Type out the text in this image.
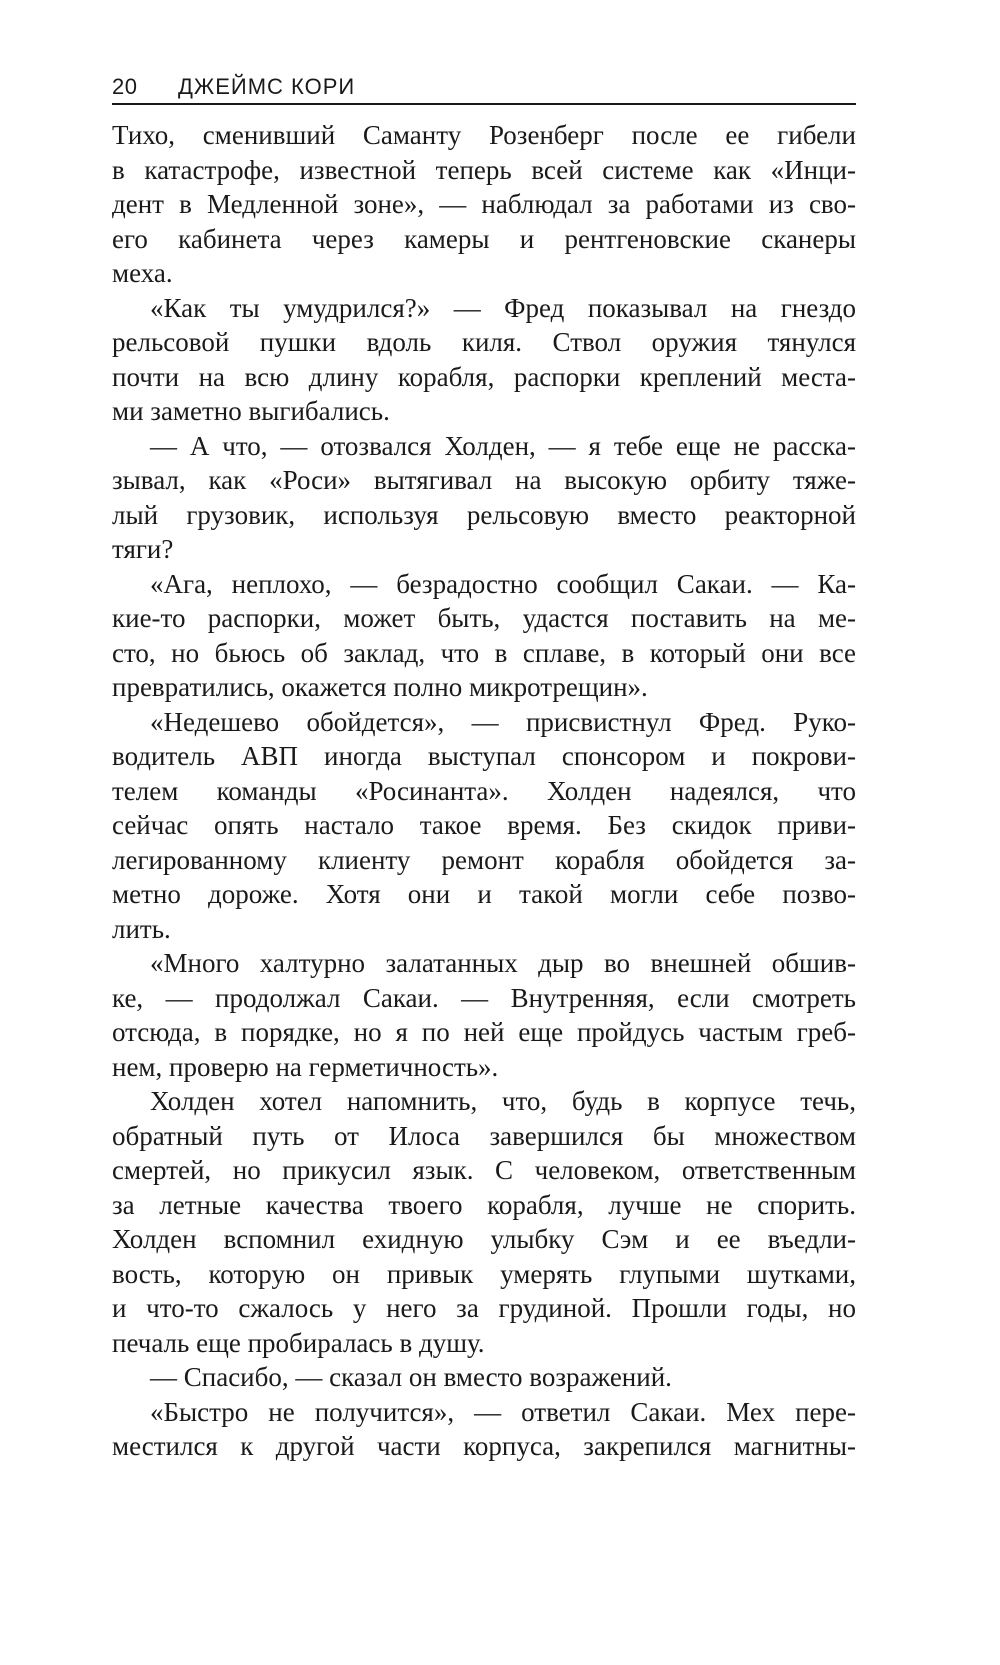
20 ДЖЕЙМС КОРИ
Тихо, сменивший Саманту Розенберг после ее гибели
в катастрофе, известной теперь всей системе как «Инци-
дент в Медленной зоне», — наблюдал за работами из сво-
его кабинета через камеры и рентгеновские сканеры
меха.
«Как ты умудрился?» — Фред показывал на гнездо
рельсовой пушки вдоль киля. Ствол оружия тянулся
почти на всю длину корабля, распорки креплений места-
ми заметно выгибались.
— А что, — отозвался Холден, — я тебе еще не расска-
зывал, как «Роси» вытягивал на высокую орбиту тяже-
лый грузовик, используя рельсовую вместо реакторной
тяги?
«Ага, неплохо, — безрадостно сообщил Сакаи. — Ка-
кие-то распорки, может быть, удастся поставить на ме-
сто, но бьюсь об заклад, что в сплаве, в который они все
превратились, окажется полно микротрещин».
«Недешево обойдется», — присвистнул Фред. Руко-
водитель АВП иногда выступал спонсором и покрови-
телем команды «Росинанта». Холден надеялся, что
сейчас опять настало такое время. Без скидок приви-
легированному клиенту ремонт корабля обойдется за-
метно дороже. Хотя они и такой могли себе позво-
лить.
«Много халтурно залатанных дыр во внешней обшив-
ке, — продолжал Сакаи. — Внутренняя, если смотреть
отсюда, в порядке, но я по ней еще пройдусь частым греб-
нем, проверю на герметичность».
Холден хотел напомнить, что, будь в корпусе течь,
обратный путь от Илоса завершился бы множеством
смертей, но прикусил язык. С человеком, ответственным
за летные качества твоего корабля, лучше не спорить.
Холден вспомнил ехидную улыбку Сэм и ее въедли-
вость, которую он привык умерять глупыми шутками,
и что-то сжалось у него за грудиной. Прошли годы, но
печаль еще пробиралась в душу.
— Спасибо, — сказал он вместо возражений.
«Быстро не получится», — ответил Сакаи. Мех пере-
местился к другой части корпуса, закрепился магнитны-
